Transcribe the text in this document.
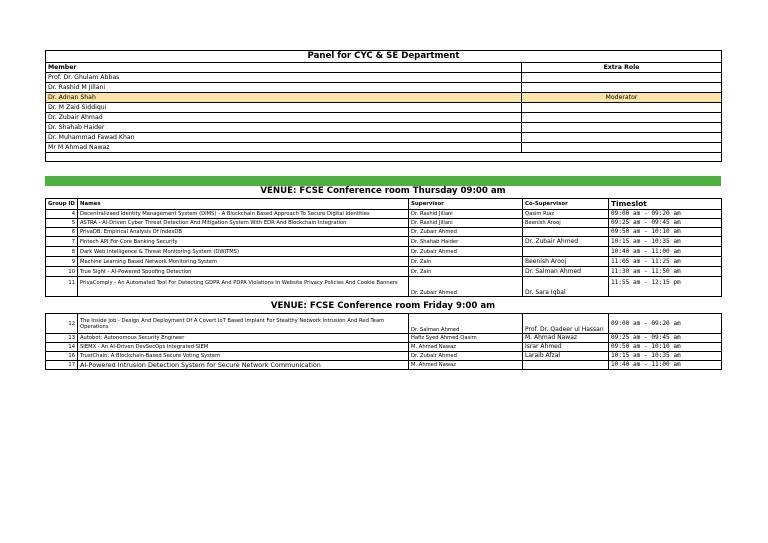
Panel for CYC & SE Department	
Member	Extra Role
Prof. Dr. Ghulam Abbas	
Dr. Rashid M Jillani	
Dr. Adnan Shah	Moderator
Dr. M Zaid Siddiqui	
Dr. Zubair Ahmad	
Dr. Shahab Haider	
Dr. Muhammad Fawad Khan	
Mr M Ahmad Nawaz	

VENUE: FCSE Conference room Thursday 09:00 am
Group ID	Names	Supervisor	Co-Supervisor	Timeslot
4	Decentralizaed Identity Management System (DIMS) - A Blockchain Based Approach To Secure Digital Identities	Dr. Rashid Jillani	Qasim Riaz	09:00 am - 09:20 am
5	ASTRA - AI-Driven Cyber Threat Detection And Mitigation System With EDR And Blockchain Integration	Dr. Rashid Jillani	Beenish Arooj	09:25 am - 09:45 am
6	PrivaDB: Empirical Analysis Of IndexDB	Dr. Zubair Ahmed		09:50 am - 10:10 am
7	Fintech API For Core Banking Security	Dr. Shahab Haider	Dr. Zubair Ahmed	10:15 am - 10:35 am
8	Dark Web Intelligence & Threat Monitoring System (DWITMS)	Dr. Zubair Ahmed		10:40 am - 11:00 am
9	Machine Learning Based Network Monitoring System	Dr. Zain	Beenish Arooj	11:05 am - 11:25 am
10	True Sight - AI-Powered Spoofing Detection	Dr. Zain	Dr. Salman Ahmed	11:30 am - 11:50 am
11	PrivaComply - An Automated Tool For Detecting GDPR And PDPA Violations In Website Privacy Policies And Cookie Banners	Dr. Zubair Ahmed	Dr. Sara Iqbal	11:55 am - 12:15 pm
VENUE: FCSE Conference room Friday 9:00 am
12	The Inside Job - Design And Deployment Of A Covert IoT Based Implant For Stealthy Network Intrusion And Red Team Operations	Dr. Salman Ahmed	Prof. Dr. Qadeer ul Hassan	09:00 am - 09:20 am
13	Autobot: Autonomous Security Engineer	Hafiz Syed Ahmed Qasim	M. Ahmad Nawaz	09:25 am - 09:45 am
14	SIEMX - An AI-Driven DevSecOps Integrated SIEM	M. Ahmad Nawaz	Israr Ahmed	09:50 am - 10:10 am
16	TrustChain: A Blockchain-Based Secure Voting System	Dr. Zubair Ahmed	Laraib Afzal	10:15 am - 10:35 am
17	AI-Powered Intrusion Detection System for Secure Network Communication	M. Ahmed Nawaz		10:40 am - 11:00 am
